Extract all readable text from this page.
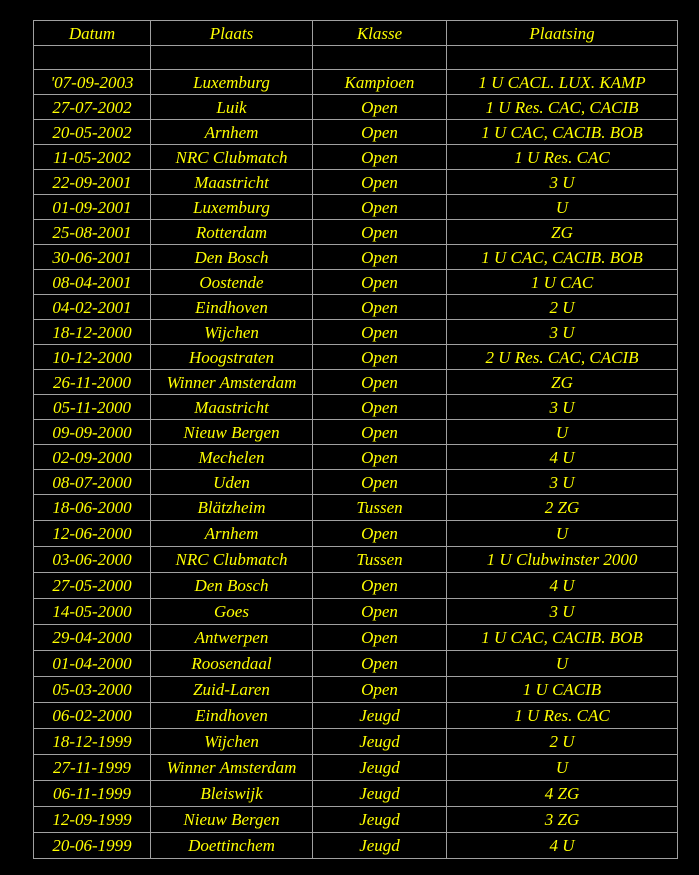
Datum	Plaats	Klasse	Plaatsing

'07-09-2003	Luxemburg	Kampioen	1 U CACL. LUX. KAMP
27-07-2002	Luik	Open	1 U Res. CAC, CACIB
20-05-2002	Arnhem	Open	1 U CAC, CACIB. BOB
11-05-2002	NRC Clubmatch	Open	1 U Res. CAC
22-09-2001	Maastricht	Open	3 U
01-09-2001	Luxemburg	Open	U
25-08-2001	Rotterdam	Open	ZG
30-06-2001	Den Bosch	Open	1 U CAC, CACIB. BOB
08-04-2001	Oostende	Open	1 U CAC
04-02-2001	Eindhoven	Open	2 U
18-12-2000	Wijchen	Open	3 U
10-12-2000	Hoogstraten	Open	2 U Res. CAC, CACIB
26-11-2000	Winner Amsterdam	Open	ZG
05-11-2000	Maastricht	Open	3 U
09-09-2000	Nieuw Bergen	Open	U
02-09-2000	Mechelen	Open	4 U
08-07-2000	Uden	Open	3 U
18-06-2000	Blätzheim	Tussen	2 ZG
12-06-2000	Arnhem	Open	U
03-06-2000	NRC Clubmatch	Tussen	1 U Clubwinster 2000
27-05-2000	Den Bosch	Open	4 U
14-05-2000	Goes	Open	3 U
29-04-2000	Antwerpen	Open	1 U CAC, CACIB. BOB
01-04-2000	Roosendaal	Open	U
05-03-2000	Zuid-Laren	Open	1 U CACIB
06-02-2000	Eindhoven	Jeugd	1 U Res. CAC
18-12-1999	Wijchen	Jeugd	2 U
27-11-1999	Winner Amsterdam	Jeugd	U
06-11-1999	Bleiswijk	Jeugd	4 ZG
12-09-1999	Nieuw Bergen	Jeugd	3 ZG
20-06-1999	Doettinchem	Jeugd	4 U
